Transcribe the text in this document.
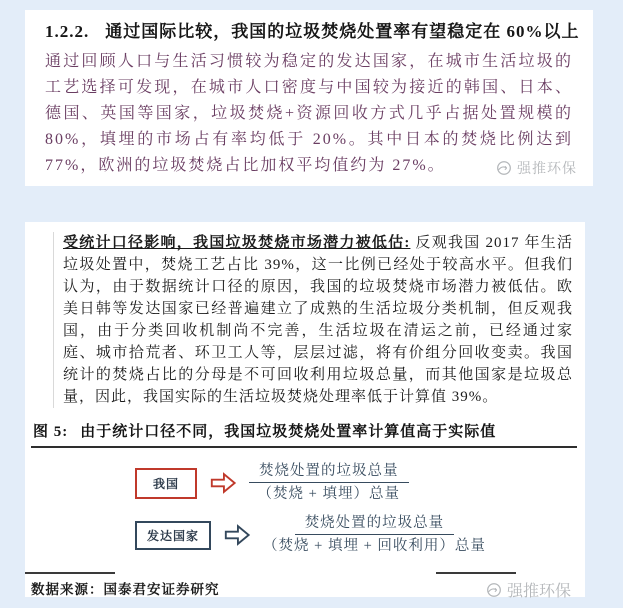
1.2.2. 通过国际比较，我国的垃圾焚烧处置率有望稳定在 60%以上
通过回顾人口与生活习惯较为稳定的发达国家，在城市生活垃圾的工艺选择可发现，在城市人口密度与中国较为接近的韩国、日本、德国、英国等国家，垃圾焚烧+资源回收方式几乎占据处置规模的 80%，填埋的市场占有率均低于 20%。其中日本的焚烧比例达到 77%，欧洲的垃圾焚烧占比加权平均值约为 27%。	强推环保
受统计口径影响，我国垃圾焚烧市场潜力被低估: 反观我国 2017 年生活垃圾处置中，焚烧工艺占比 39%，这一比例已经处于较高水平。但我们认为，由于数据统计口径的原因，我国的垃圾焚烧市场潜力被低估。欧美日韩等发达国家已经普遍建立了成熟的生活垃圾分类机制，但反观我国，由于分类回收机制尚不完善，生活垃圾在清运之前，已经通过家庭、城市拾荒者、环卫工人等，层层过滤，将有价组分回收变卖。我国统计的焚烧占比的分母是不可回收利用垃圾总量，而其他国家是垃圾总量，因此，我国实际的生活垃圾焚烧处理率低于计算值 39%。
图 5: 由于统计口径不同，我国垃圾焚烧处置率计算值高于实际值
我国	$\frac{\text{焚烧处置的垃圾总量}}{\text{（焚烧 + 填埋）总量}}$
发达国家	$\frac{\text{焚烧处置的垃圾总量}}{\text{（焚烧 + 填埋 + 回收利用）总量}}$
数据来源：国泰君安证券研究	强推环保
